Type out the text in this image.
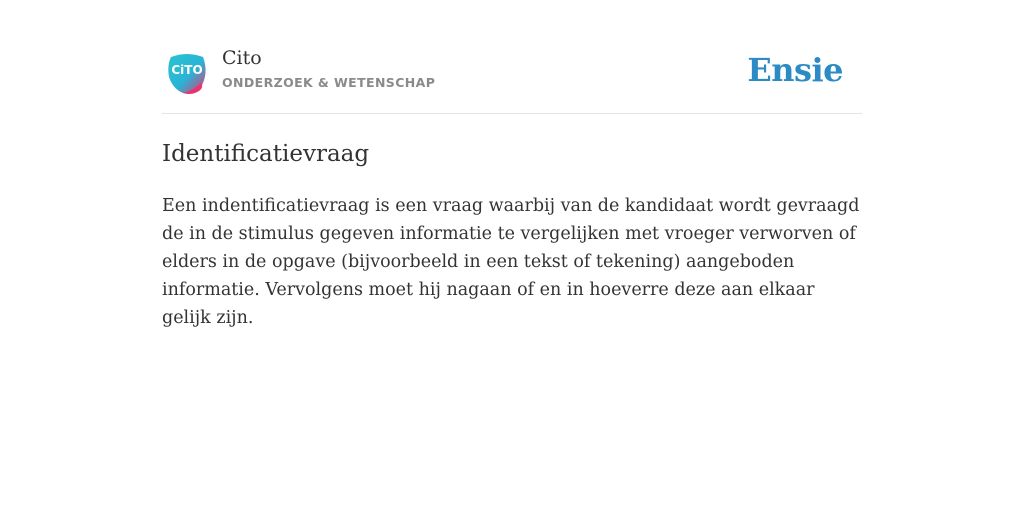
CiTO
Cito
ONDERZOEK & WETENSCHAP	Ensie
Identificatievraag

Een indentificatievraag is een vraag waarbij van de kandidaat wordt gevraagd de in de stimulus gegeven informatie te vergelijken met vroeger verworven of elders in de opgave (bijvoorbeeld in een tekst of tekening) aangeboden informatie. Vervolgens moet hij nagaan of en in hoeverre deze aan elkaar gelijk zijn.
